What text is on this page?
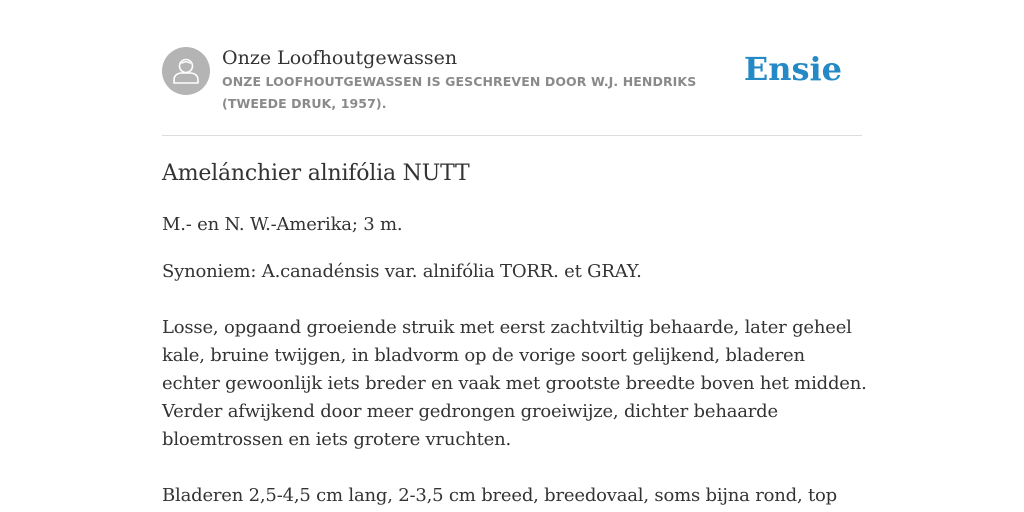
Onze Loofhoutgewassen
ONZE LOOFHOUTGEWASSEN IS GESCHREVEN DOOR W.J. HENDRIKS (TWEEDE DRUK, 1957).
Ensie
Amelánchier alnifólia NUTT

M.- en N. W.-Amerika; 3 m.

Synoniem: A.canadénsis var. alnifólia TORR. et GRAY.

Losse, opgaand groeiende struik met eerst zachtviltig behaarde, later geheel kale, bruine twijgen, in bladvorm op de vorige soort gelijkend, bladeren echter gewoonlijk iets breder en vaak met grootste breedte boven het midden. Verder afwijkend door meer gedrongen groeiwijze, dichter behaarde bloemtrossen en iets grotere vruchten.

Bladeren 2,5-4,5 cm lang, 2-3,5 cm breed, breedovaal, soms bijna rond, top
